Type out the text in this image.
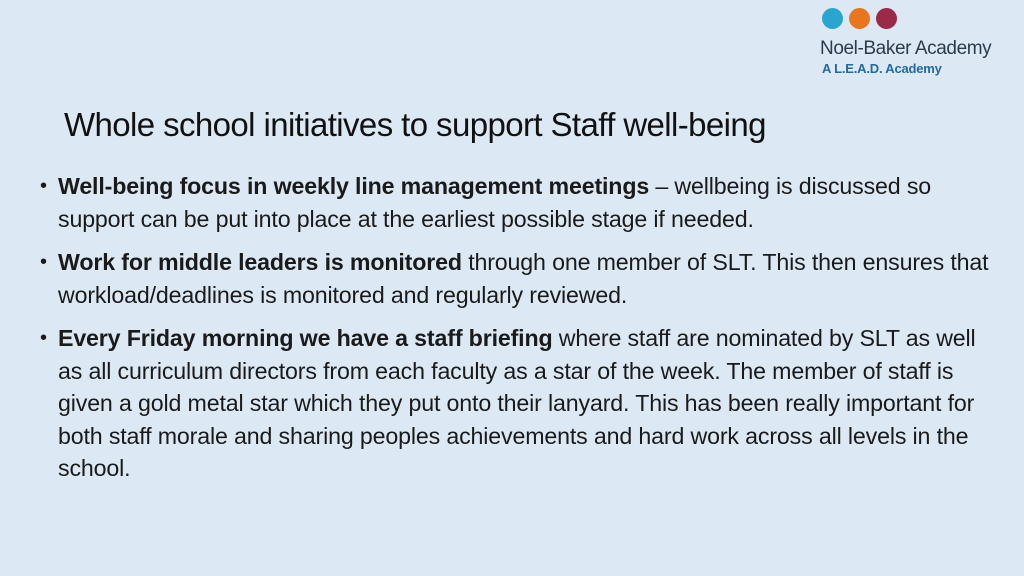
Noel-Baker Academy
A L.E.A.D. Academy
Whole school initiatives to support Staff well-being
• Well-being focus in weekly line management meetings – wellbeing is discussed so support can be put into place at the earliest possible stage if needed.
• Work for middle leaders is monitored through one member of SLT. This then ensures that workload/deadlines is monitored and regularly reviewed.
• Every Friday morning we have a staff briefing where staff are nominated by SLT as well as all curriculum directors from each faculty as a star of the week. The member of staff is given a gold metal star which they put onto their lanyard. This has been really important for both staff morale and sharing peoples achievements and hard work across all levels in the school.
